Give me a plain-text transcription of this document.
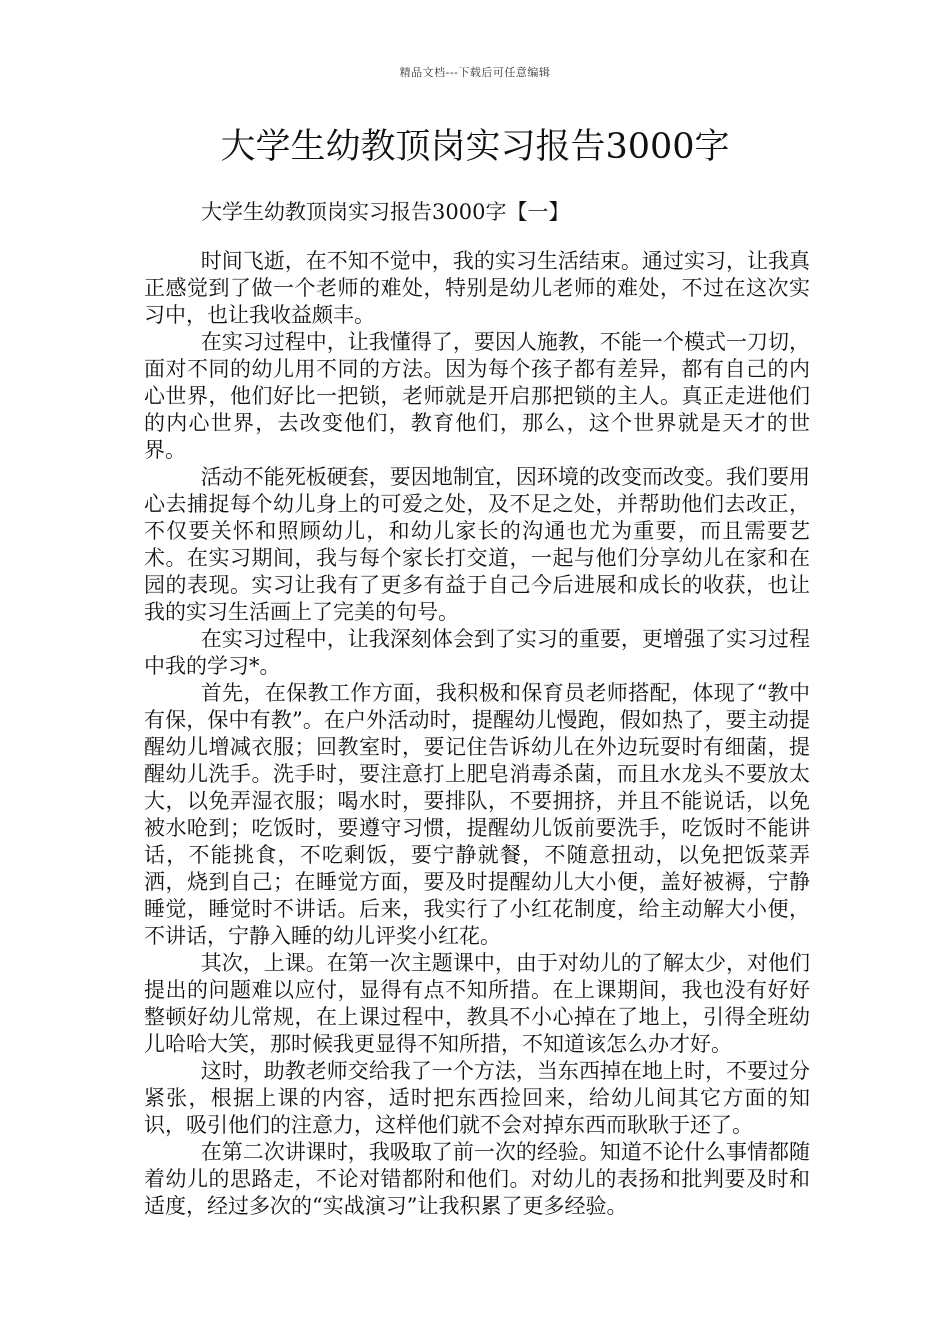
精品文档---下载后可任意编辑
大学生幼教顶岗实习报告3000字
大学生幼教顶岗实习报告3000字【一】

时间飞逝，在不知不觉中，我的实习生活结束。通过实习，让我真正感觉到了做一个老师的难处，特别是幼儿老师的难处，不过在这次实习中，也让我收益颇丰。

在实习过程中，让我懂得了，要因人施教，不能一个模式一刀切，面对不同的幼儿用不同的方法。因为每个孩子都有差异，都有自己的内心世界，他们好比一把锁，老师就是开启那把锁的主人。真正走进他们的内心世界，去改变他们，教育他们，那么，这个世界就是天才的世界。

活动不能死板硬套，要因地制宜，因环境的改变而改变。我们要用心去捕捉每个幼儿身上的可爱之处，及不足之处，并帮助他们去改正，不仅要关怀和照顾幼儿，和幼儿家长的沟通也尤为重要，而且需要艺术。在实习期间，我与每个家长打交道，一起与他们分享幼儿在家和在园的表现。实习让我有了更多有益于自己今后进展和成长的收获，也让我的实习生活画上了完美的句号。

在实习过程中，让我深刻体会到了实习的重要，更增强了实习过程中我的学习*。

首先，在保教工作方面，我积极和保育员老师搭配，体现了“教中有保，保中有教”。在户外活动时，提醒幼儿慢跑，假如热了，要主动提醒幼儿增减衣服；回教室时，要记住告诉幼儿在外边玩耍时有细菌，提醒幼儿洗手。洗手时，要注意打上肥皂消毒杀菌，而且水龙头不要放太大，以免弄湿衣服；喝水时，要排队，不要拥挤，并且不能说话，以免被水呛到；吃饭时，要遵守习惯，提醒幼儿饭前要洗手，吃饭时不能讲话，不能挑食，不吃剩饭，要宁静就餐，不随意扭动，以免把饭菜弄洒，烧到自己；在睡觉方面，要及时提醒幼儿大小便，盖好被褥，宁静睡觉，睡觉时不讲话。后来，我实行了小红花制度，给主动解大小便，不讲话，宁静入睡的幼儿评奖小红花。

其次，上课。在第一次主题课中，由于对幼儿的了解太少，对他们提出的问题难以应付，显得有点不知所措。在上课期间，我也没有好好整顿好幼儿常规，在上课过程中，教具不小心掉在了地上，引得全班幼儿哈哈大笑，那时候我更显得不知所措，不知道该怎么办才好。

这时，助教老师交给我了一个方法，当东西掉在地上时，不要过分紧张，根据上课的内容，适时把东西捡回来，给幼儿间其它方面的知识，吸引他们的注意力，这样他们就不会对掉东西而耿耿于还了。

在第二次讲课时，我吸取了前一次的经验。知道不论什么事情都随着幼儿的思路走，不论对错都附和他们。对幼儿的表扬和批判要及时和适度，经过多次的“实战演习”让我积累了更多经验。
